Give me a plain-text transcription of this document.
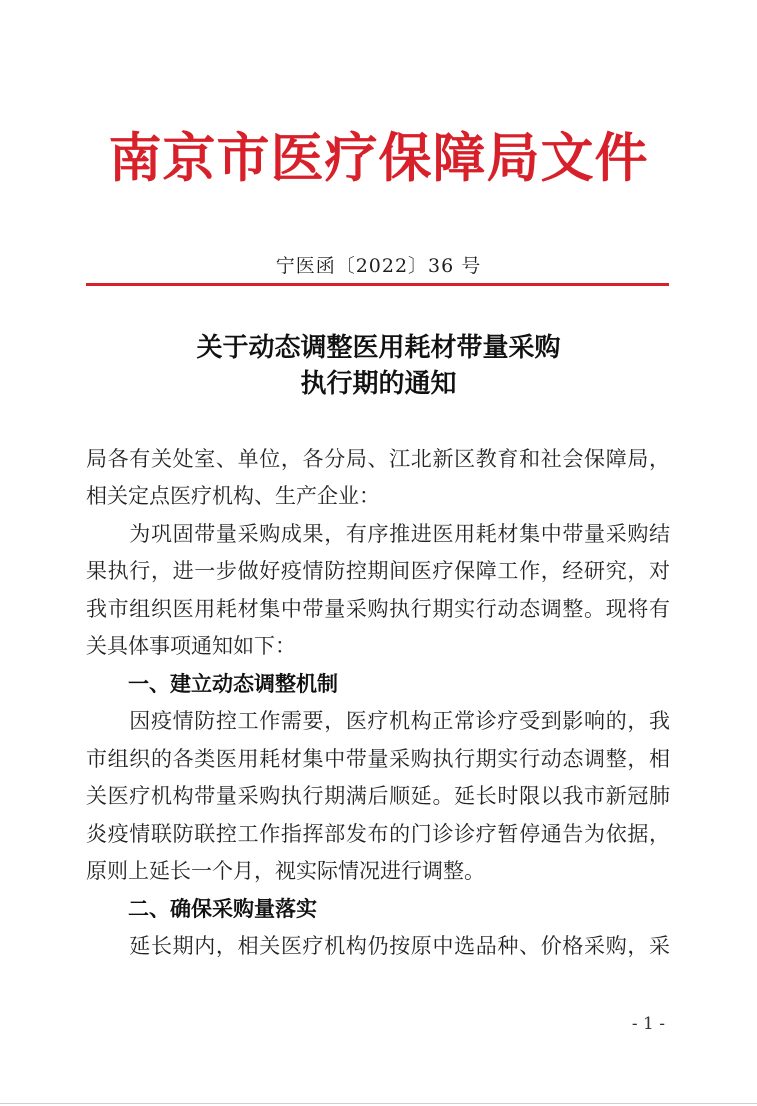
南京市医疗保障局文件
宁医函〔2022〕36 号
关于动态调整医用耗材带量采购
执行期的通知
局各有关处室、单位，各分局、江北新区教育和社会保障局，
相关定点医疗机构、生产企业：
　　为巩固带量采购成果，有序推进医用耗材集中带量采购结
果执行，进一步做好疫情防控期间医疗保障工作，经研究，对
我市组织医用耗材集中带量采购执行期实行动态调整。现将有
关具体事项通知如下：
一、建立动态调整机制
　　因疫情防控工作需要，医疗机构正常诊疗受到影响的，我
市组织的各类医用耗材集中带量采购执行期实行动态调整，相
关医疗机构带量采购执行期满后顺延。延长时限以我市新冠肺
炎疫情联防联控工作指挥部发布的门诊诊疗暂停通告为依据，
原则上延长一个月，视实际情况进行调整。
二、确保采购量落实
　　延长期内，相关医疗机构仍按原中选品种、价格采购，采
- 1 -
